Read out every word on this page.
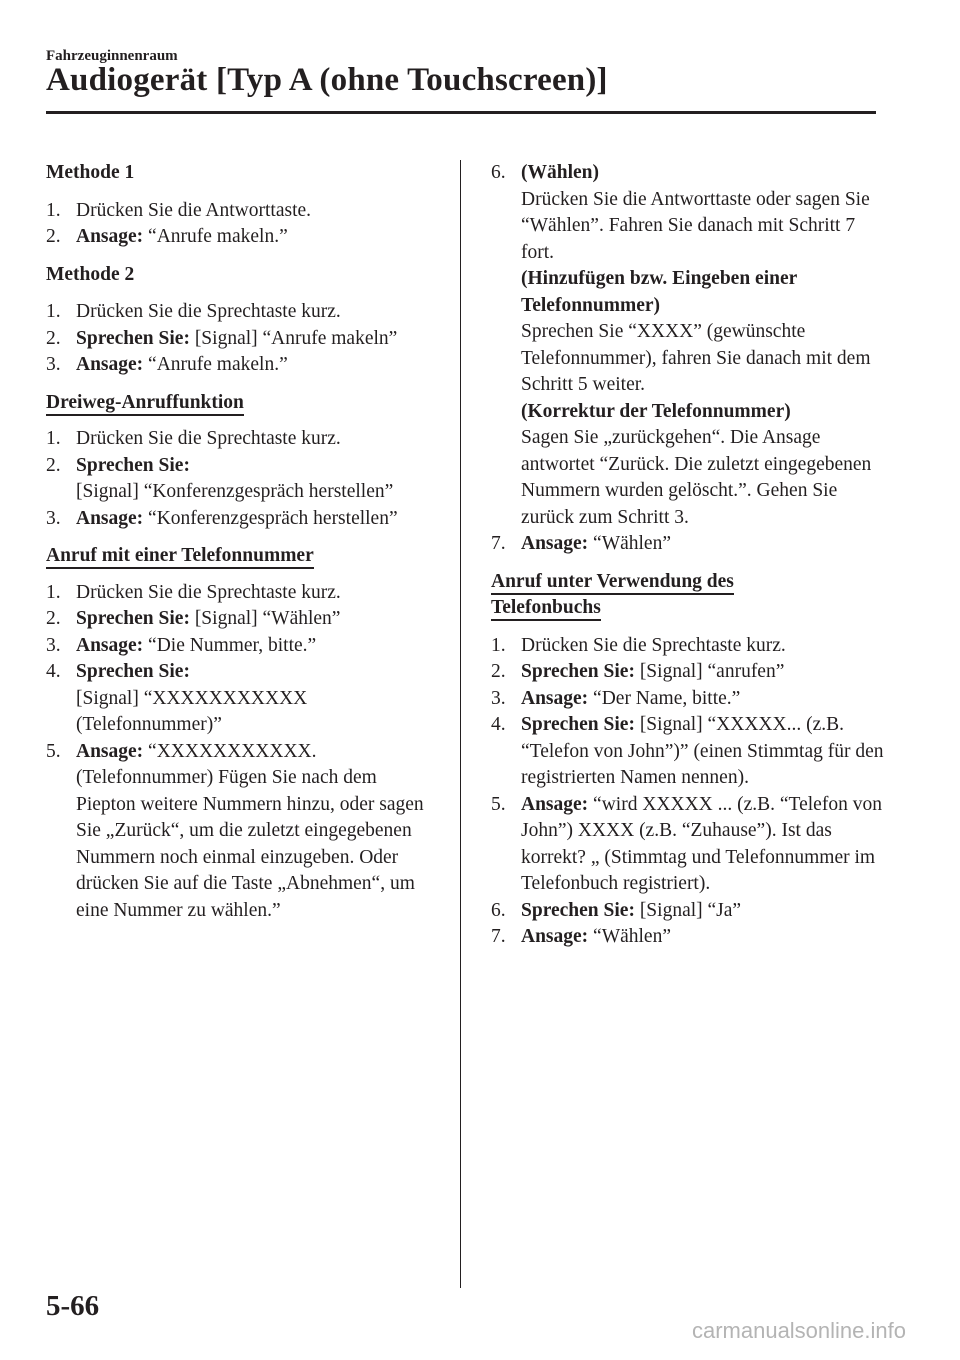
Fahrzeuginnenraum
Audiogerät [Typ A (ohne Touchscreen)]

Methode 1

1. Drücken Sie die Antworttaste.

2. Ansage: “Anrufe makeln.”

Methode 2

1. Drücken Sie die Sprechtaste kurz.

2. Sprechen Sie: [Signal] “Anrufe makeln”

3. Ansage: “Anrufe makeln.”

Dreiweg-Anruffunktion

1. Drücken Sie die Sprechtaste kurz.

2. Sprechen Sie:
[Signal] “Konferenzgespräch herstellen”

3. Ansage: “Konferenzgespräch herstellen”

Anruf mit einer Telefonnummer

1. Drücken Sie die Sprechtaste kurz.

2. Sprechen Sie: [Signal] “Wählen”

3. Ansage: “Die Nummer, bitte.”

4. Sprechen Sie:
[Signal] “XXXXXXXXXXX (Telefonnummer)”

5. Ansage: “XXXXXXXXXXX. (Telefonnummer) Fügen Sie nach dem Piepton weitere Nummern hinzu, oder sagen Sie „Zurück“, um die zuletzt eingegebenen Nummern noch einmal einzugeben. Oder drücken Sie auf die Taste „Abnehmen“, um eine Nummer zu wählen.”

6. (Wählen)

Drücken Sie die Antworttaste oder sagen Sie “Wählen”. Fahren Sie danach mit Schritt 7 fort.

(Hinzufügen bzw. Eingeben einer Telefonnummer)

Sprechen Sie “XXXX” (gewünschte Telefonnummer), fahren Sie danach mit dem Schritt 5 weiter.

(Korrektur der Telefonnummer)

Sagen Sie „zurückgehen“. Die Ansage antwortet “Zurück. Die zuletzt eingegebenen Nummern wurden gelöscht.”. Gehen Sie zurück zum Schritt 3.

7. Ansage: “Wählen”

Anruf unter Verwendung des
Telefonbuchs

1. Drücken Sie die Sprechtaste kurz.

2. Sprechen Sie: [Signal] “anrufen”

3. Ansage: “Der Name, bitte.”

4. Sprechen Sie: [Signal] “XXXXX... (z.B. “Telefon von John”)” (einen Stimmtag für den registrierten Namen nennen).

5. Ansage: “wird XXXXX ... (z.B. “Telefon von John”) XXXX (z.B. “Zuhause”). Ist das korrekt? „ (Stimmtag und Telefonnummer im Telefonbuch registriert).

6. Sprechen Sie: [Signal] “Ja”

7. Ansage: “Wählen”

5-66
carmanualsonline.info
